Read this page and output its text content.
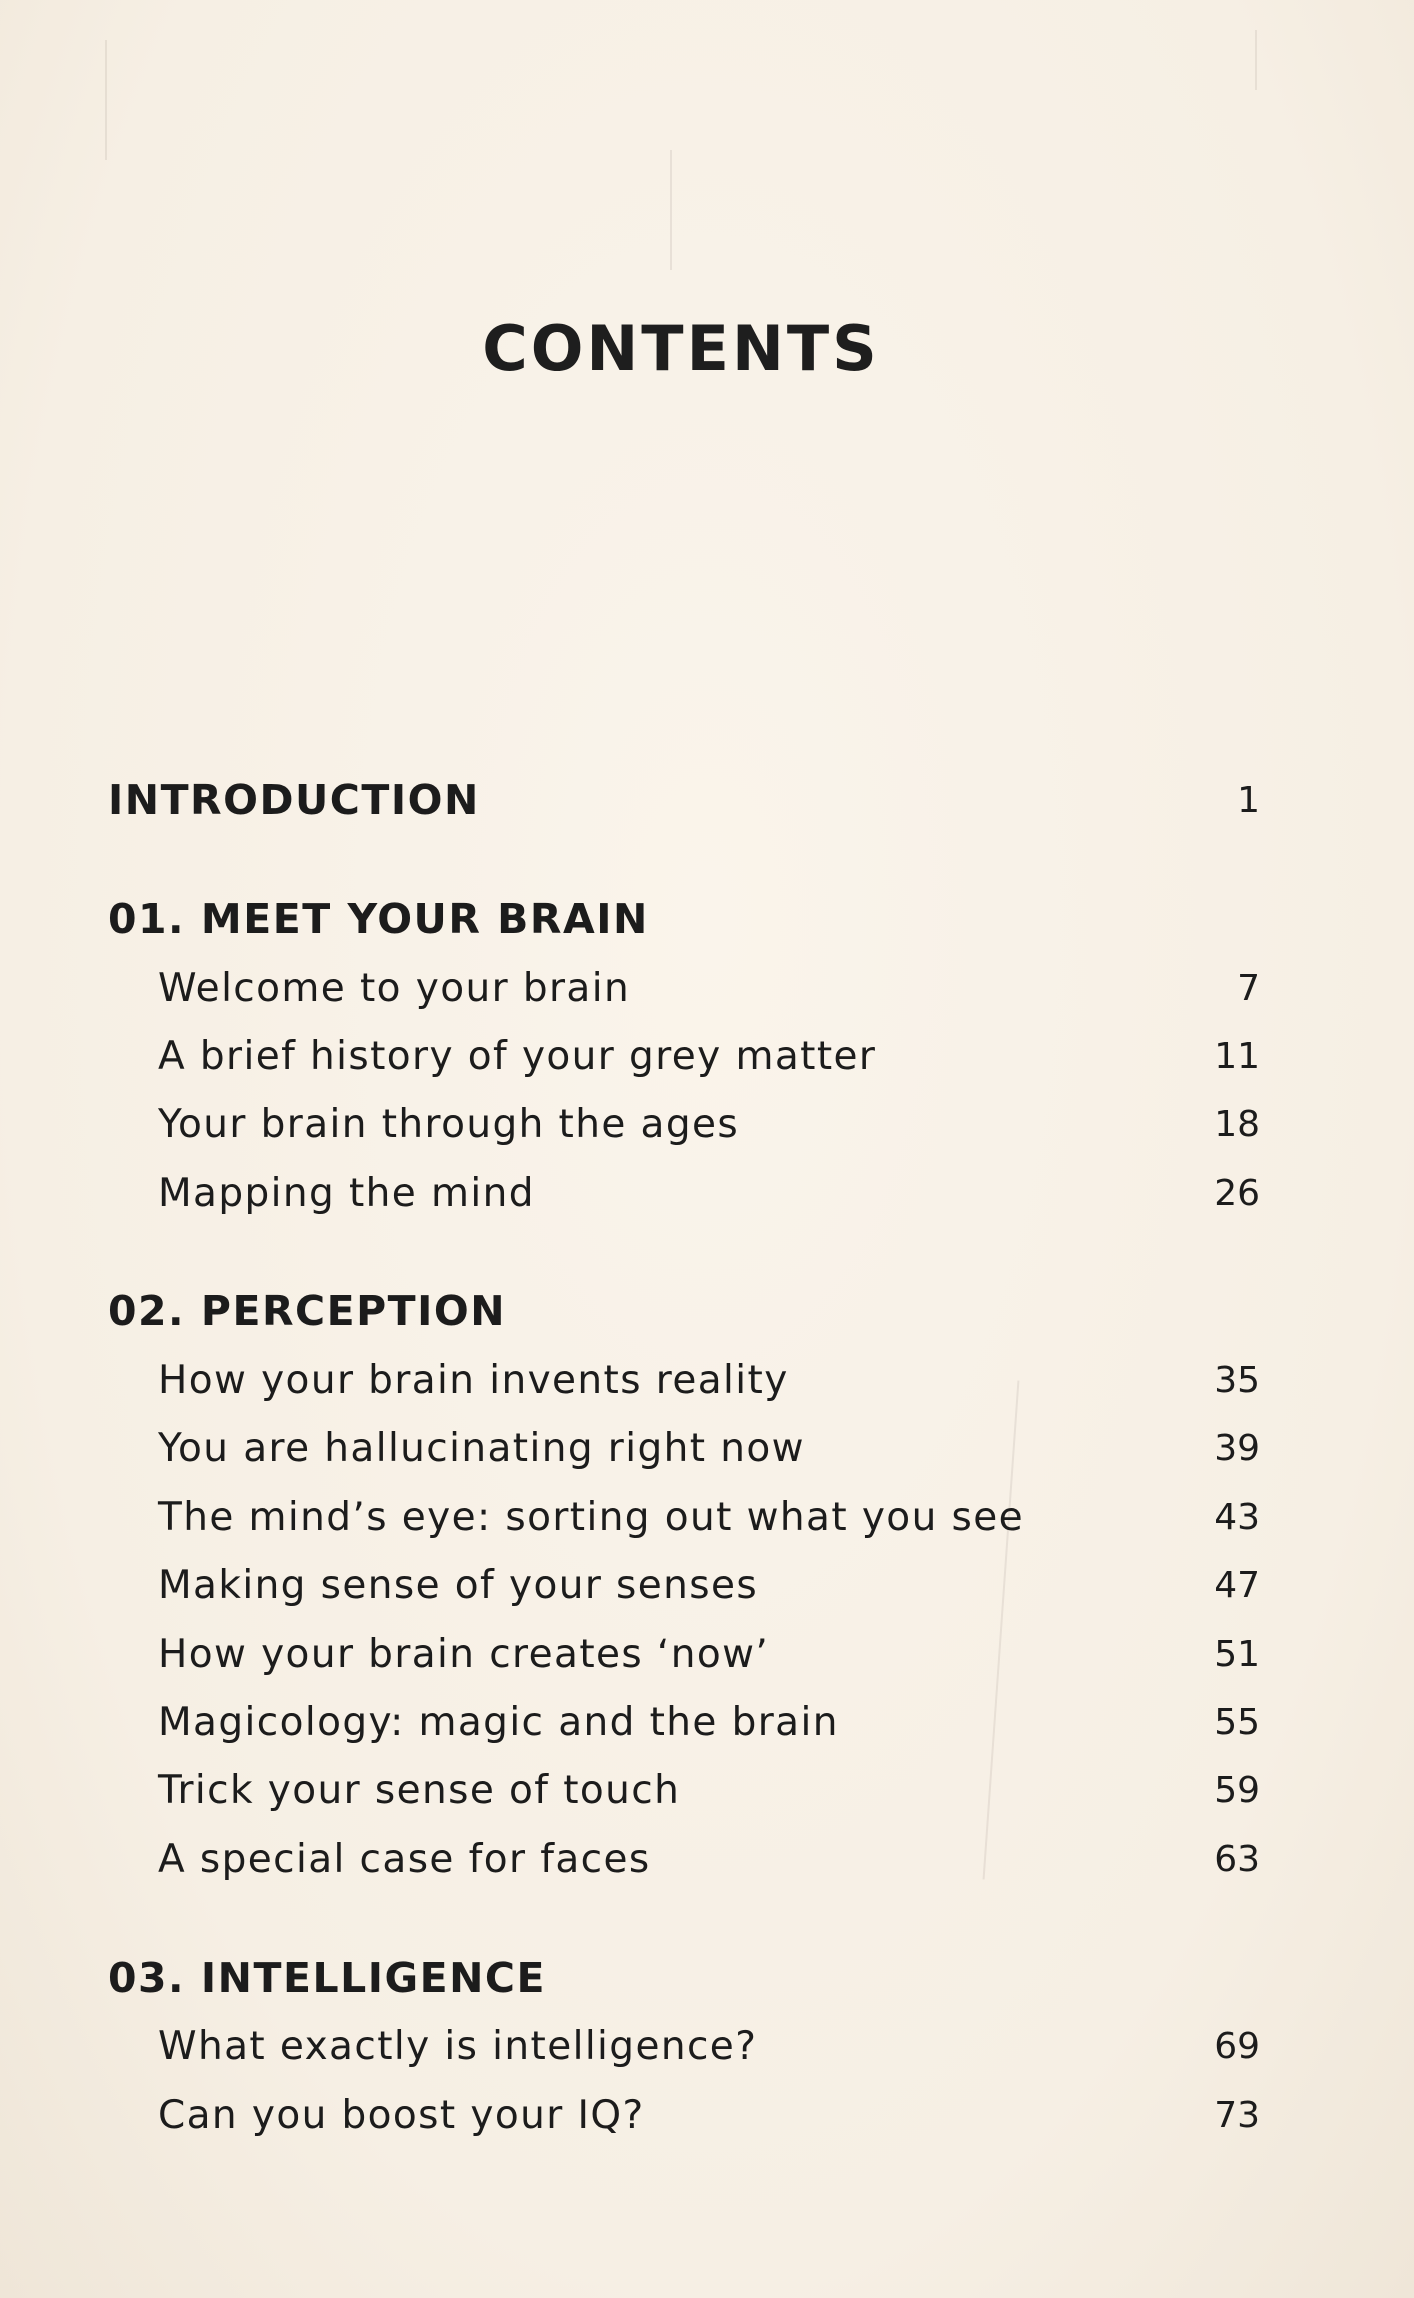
CONTENTS
INTRODUCTION	1
01. MEET YOUR BRAIN
Welcome to your brain	7
A brief history of your grey matter	11
Your brain through the ages	18
Mapping the mind	26
02. PERCEPTION
How your brain invents reality	35
You are hallucinating right now	39
The mind’s eye: sorting out what you see	43
Making sense of your senses	47
How your brain creates ‘now’	51
Magicology: magic and the brain	55
Trick your sense of touch	59
A special case for faces	63
03. INTELLIGENCE
What exactly is intelligence?	69
Can you boost your IQ?	73
